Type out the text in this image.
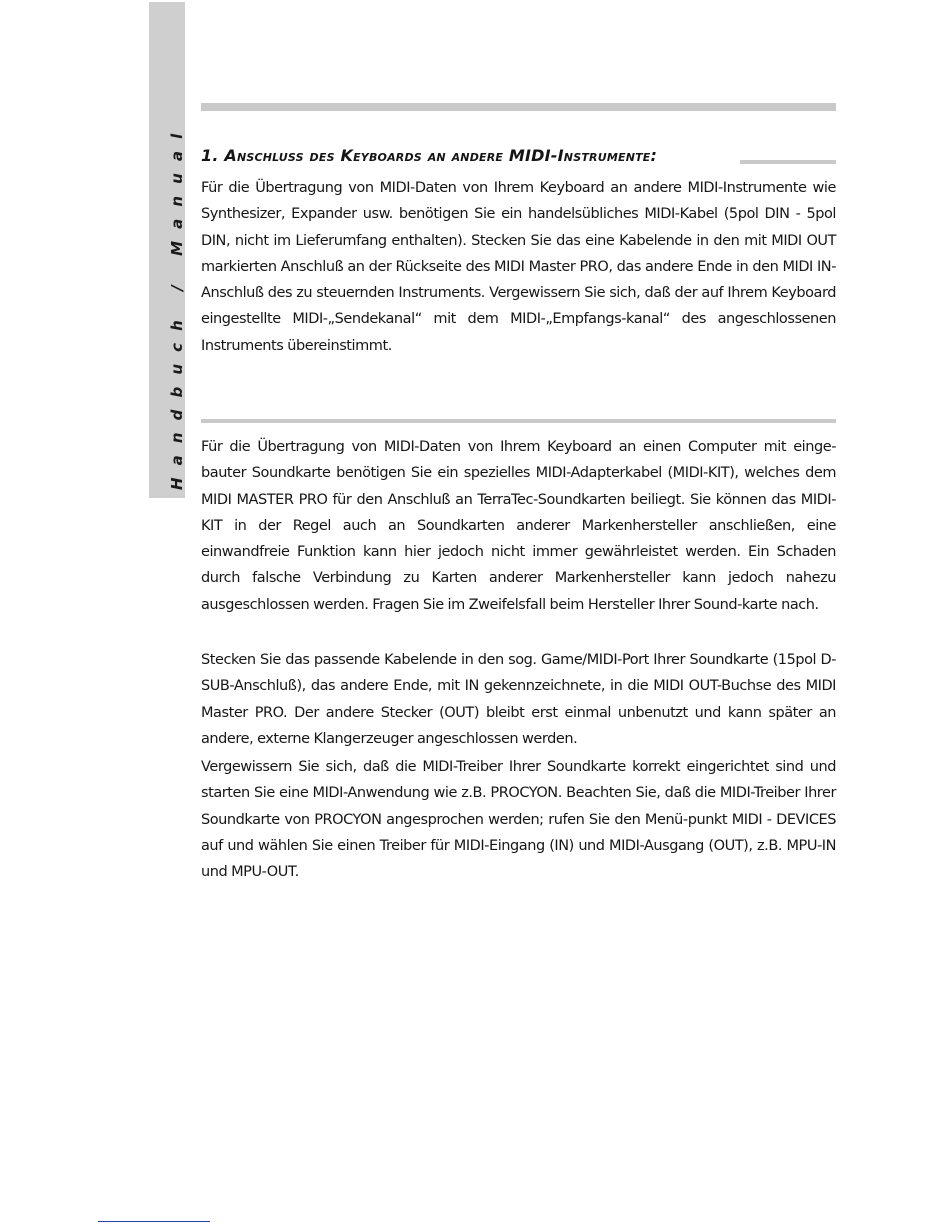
Handbuch / Manual 1. Anschluss des Keyboards an andere MIDI-Instrumente:

Für die Übertragung von MIDI-Daten von Ihrem Keyboard an andere MIDI-Instrumente wie Synthesizer, Expander usw. benötigen Sie ein handelsübliches MIDI-Kabel (5pol DIN - 5pol DIN, nicht im Lieferumfang enthalten). Stecken Sie das eine Kabelende in den mit MIDI OUT markierten Anschluß an der Rückseite des MIDI Master PRO, das andere Ende in den MIDI IN-Anschluß des zu steuernden Instruments. Vergewissern Sie sich, daß der auf Ihrem Keyboard eingestellte MIDI-„Sendekanal“ mit dem MIDI-„Empfangs-kanal“ des angeschlossenen Instruments übereinstimmt.

Für die Übertragung von MIDI-Daten von Ihrem Keyboard an einen Computer mit einge-bauter Soundkarte benötigen Sie ein spezielles MIDI-Adapterkabel (MIDI-KIT), welches dem MIDI MASTER PRO für den Anschluß an TerraTec-Soundkarten beiliegt. Sie können das MIDI-KIT in der Regel auch an Soundkarten anderer Markenhersteller anschließen, eine einwandfreie Funktion kann hier jedoch nicht immer gewährleistet werden. Ein Schaden durch falsche Verbindung zu Karten anderer Markenhersteller kann jedoch nahezu ausgeschlossen werden. Fragen Sie im Zweifelsfall beim Hersteller Ihrer Sound-karte nach.

Stecken Sie das passende Kabelende in den sog. Game/MIDI-Port Ihrer Soundkarte (15pol D-SUB-Anschluß), das andere Ende, mit IN gekennzeichnete, in die MIDI OUT-Buchse des MIDI Master PRO. Der andere Stecker (OUT) bleibt erst einmal unbenutzt und kann später an andere, externe Klangerzeuger angeschlossen werden.

Vergewissern Sie sich, daß die MIDI-Treiber Ihrer Soundkarte korrekt eingerichtet sind und starten Sie eine MIDI-Anwendung wie z.B. PROCYON. Beachten Sie, daß die MIDI-Treiber Ihrer Soundkarte von PROCYON angesprochen werden; rufen Sie den Menü-punkt MIDI - DEVICES auf und wählen Sie einen Treiber für MIDI-Eingang (IN) und MIDI-Ausgang (OUT), z.B. MPU-IN und MPU-OUT.
